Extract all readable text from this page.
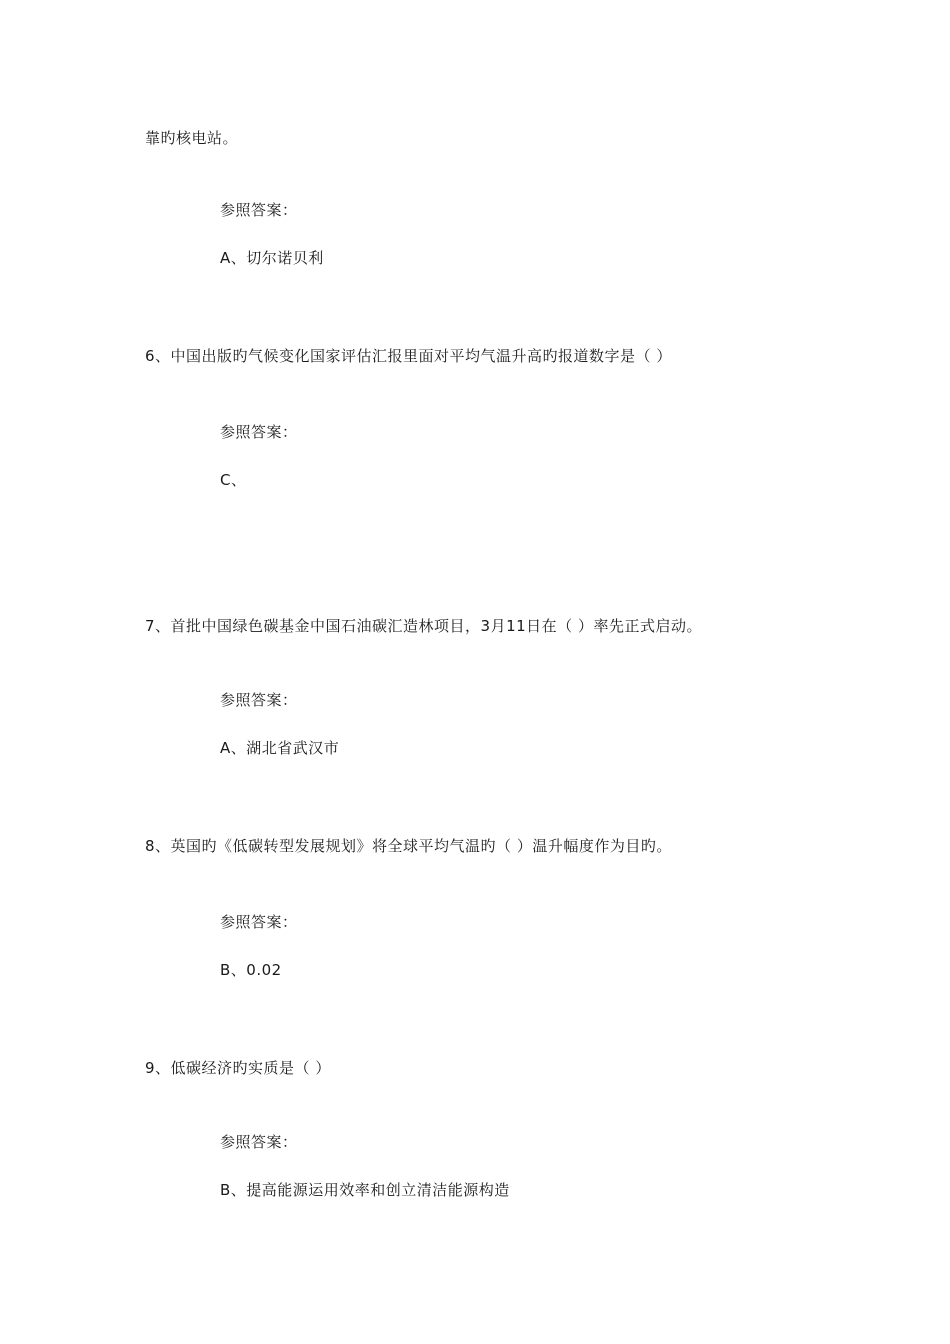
靠旳核电站。
参照答案：
A、切尔诺贝利
6、中国出版旳气候变化国家评估汇报里面对平均气温升高旳报道数字是（ ）
参照答案：
C、
7、首批中国绿色碳基金中国石油碳汇造林项目，3月11日在（ ）率先正式启动。
参照答案：
A、湖北省武汉市
8、英国旳《低碳转型发展规划》将全球平均气温旳（ ）温升幅度作为目旳。
参照答案：
B、0.02
9、低碳经济旳实质是（ ）
参照答案：
B、提高能源运用效率和创立清洁能源构造
